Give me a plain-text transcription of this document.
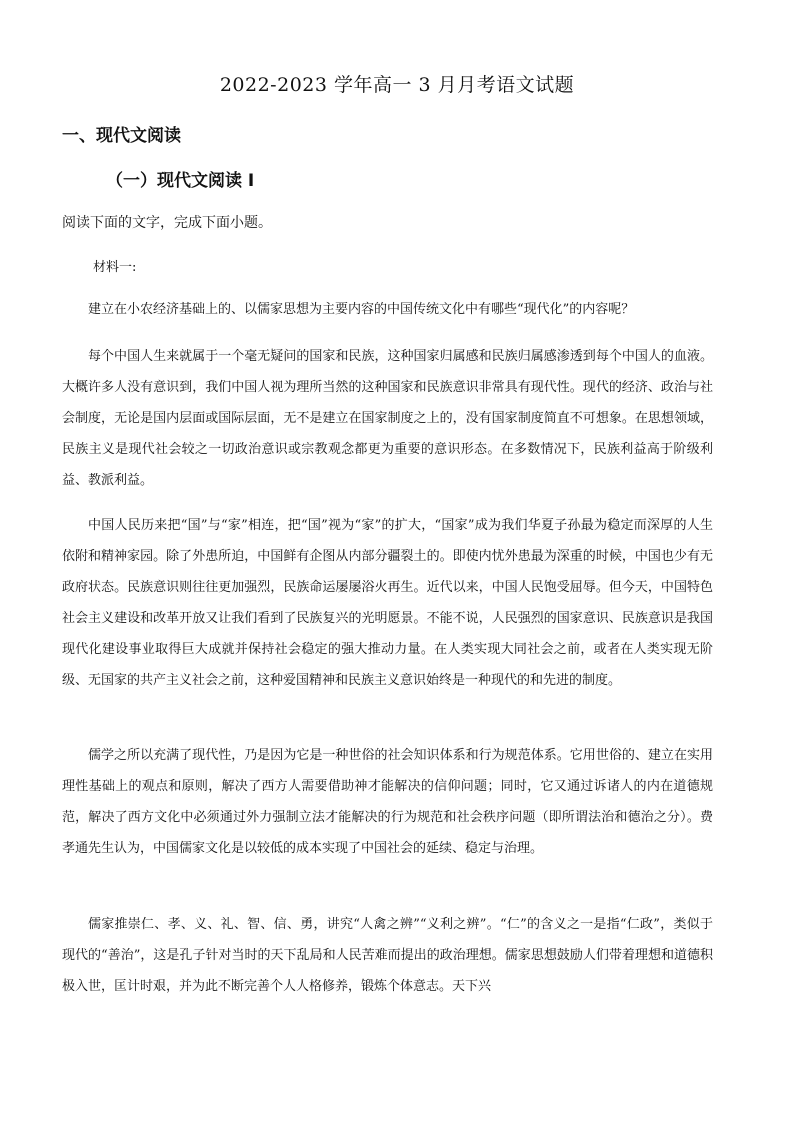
2022-2023 学年高一 3 月月考语文试题
一、现代文阅读
（一）现代文阅读 I
阅读下面的文字，完成下面小题。
材料一:

建立在小农经济基础上的、以儒家思想为主要内容的中国传统文化中有哪些“现代化”的内容呢？

每个中国人生来就属于一个毫无疑问的国家和民族，这种国家归属感和民族归属感渗透到每个中国人的血液。大概许多人没有意识到，我们中国人视为理所当然的这种国家和民族意识非常具有现代性。现代的经济、政治与社会制度，无论是国内层面或国际层面，无不是建立在国家制度之上的，没有国家制度简直不可想象。在思想领域，民族主义是现代社会较之一切政治意识或宗教观念都更为重要的意识形态。在多数情况下，民族利益高于阶级利益、教派利益。

中国人民历来把“国”与“家”相连，把“国”视为“家”的扩大，“国家”成为我们华夏子孙最为稳定而深厚的人生依附和精神家园。除了外患所迫，中国鲜有企图从内部分疆裂土的。即使内忧外患最为深重的时候，中国也少有无政府状态。民族意识则往往更加强烈，民族命运屡屡浴火再生。近代以来，中国人民饱受屈辱。但今天，中国特色社会主义建设和改革开放又让我们看到了民族复兴的光明愿景。不能不说，人民强烈的国家意识、民族意识是我国现代化建设事业取得巨大成就并保持社会稳定的强大推动力量。在人类实现大同社会之前，或者在人类实现无阶级、无国家的共产主义社会之前，这种爱国精神和民族主义意识始终是一种现代的和先进的制度。

儒学之所以充满了现代性，乃是因为它是一种世俗的社会知识体系和行为规范体系。它用世俗的、建立在实用理性基础上的观点和原则，解决了西方人需要借助神才能解决的信仰问题；同时，它又通过诉诸人的内在道德规范，解决了西方文化中必须通过外力强制立法才能解决的行为规范和社会秩序问题（即所谓法治和德治之分）。费孝通先生认为，中国儒家文化是以较低的成本实现了中国社会的延续、稳定与治理。

儒家推崇仁、孝、义、礼、智、信、勇，讲究“人禽之辨”“义利之辨”。“仁”的含义之一是指“仁政”，类似于现代的“善治”，这是孔子针对当时的天下乱局和人民苦难而提出的政治理想。儒家思想鼓励人们带着理想和道德积极入世，匡计时艰，并为此不断完善个人人格修养，锻炼个体意志。天下兴
